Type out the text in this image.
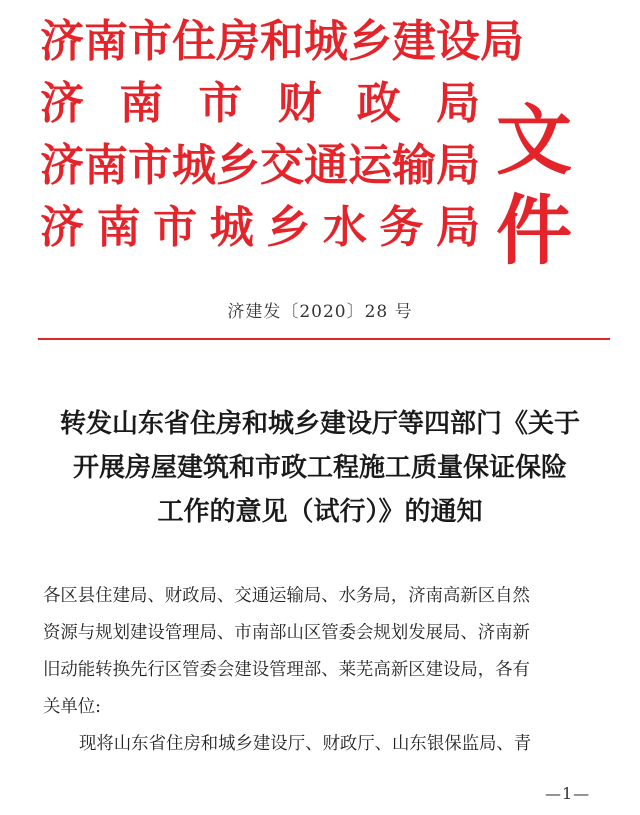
济 南 市 住 房 和 城 乡 建 设 局
济 南 市 财 政 局
济 南 市 城 乡 交 通 运 输 局
济 南 市 城 乡 水 务 局
文件
济建发〔2020〕28 号
转发山东省住房和城乡建设厅等四部门《关于
开展房屋建筑和市政工程施工质量保证保险
工作的意见（试行）》的通知
各区县住建局、财政局、交通运输局、水务局，济南高新区自然
资源与规划建设管理局、市南部山区管委会规划发展局、济南新
旧动能转换先行区管委会建设管理部、莱芜高新区建设局，各有
关单位:
现将山东省住房和城乡建设厅、财政厅、山东银保监局、青
—1—
